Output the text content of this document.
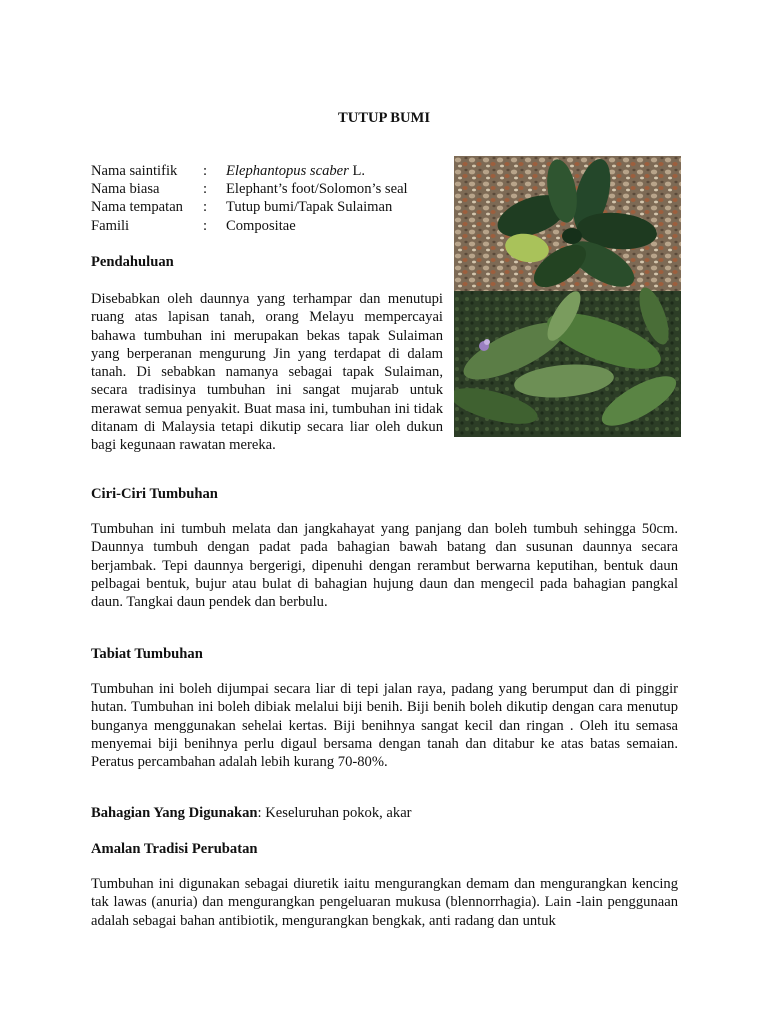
TUTUP BUMI
Nama saintifik	:	Elephantopus scaber L.
Nama biasa	:	Elephant’s foot/Solomon’s seal
Nama tempatan	:	Tutup bumi/Tapak Sulaiman
Famili	:	Compositae
Pendahuluan
Disebabkan oleh daunnya yang terhampar dan menutupi ruang atas lapisan tanah, orang Melayu mempercayai bahawa tumbuhan ini merupakan bekas tapak Sulaiman yang berperanan mengurung Jin yang terdapat di dalam tanah. Di sebabkan namanya sebagai tapak Sulaiman, secara tradisinya tumbuhan ini sangat mujarab untuk merawat semua penyakit. Buat masa ini, tumbuhan ini tidak ditanam di Malaysia tetapi dikutip secara liar oleh dukun bagi kegunaan rawatan mereka.
Ciri-Ciri Tumbuhan
Tumbuhan ini tumbuh melata dan jangkahayat yang panjang dan boleh tumbuh sehingga 50cm. Daunnya tumbuh dengan padat pada bahagian bawah batang dan susunan daunnya secara berjambak. Tepi daunnya bergerigi, dipenuhi dengan rerambut berwarna keputihan, bentuk daun pelbagai bentuk, bujur atau bulat di bahagian hujung daun dan mengecil pada bahagian pangkal daun. Tangkai daun pendek dan berbulu.
Tabiat Tumbuhan
Tumbuhan ini boleh dijumpai secara liar di tepi jalan raya, padang yang berumput dan di pinggir hutan. Tumbuhan ini boleh dibiak melalui biji benih. Biji benih boleh dikutip dengan cara menutup bunganya menggunakan sehelai kertas. Biji benihnya sangat kecil dan ringan . Oleh itu semasa menyemai biji benihnya perlu digaul bersama dengan tanah dan ditabur ke atas batas semaian. Peratus percambahan adalah lebih kurang 70-80%.
Bahagian Yang Digunakan: Keseluruhan pokok, akar
Amalan Tradisi Perubatan
Tumbuhan ini digunakan sebagai diuretik iaitu mengurangkan demam dan mengurangkan kencing tak lawas (anuria) dan mengurangkan pengeluaran mukusa (blennorrhagia). Lain -lain penggunaan adalah sebagai bahan antibiotik, mengurangkan bengkak, anti radang dan untuk
